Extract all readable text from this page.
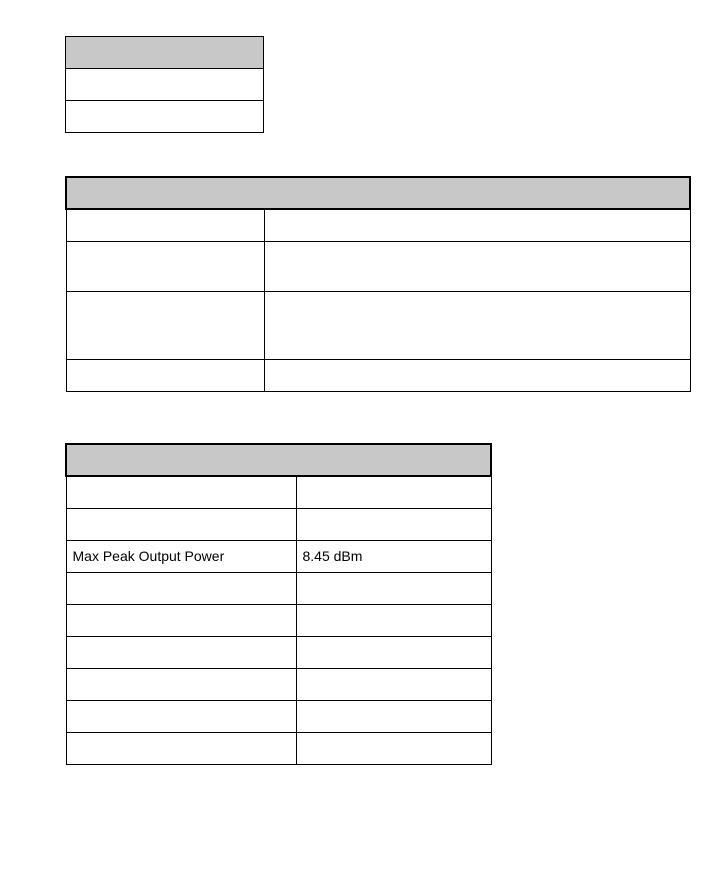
Max Peak Output Power	8.45 dBm
